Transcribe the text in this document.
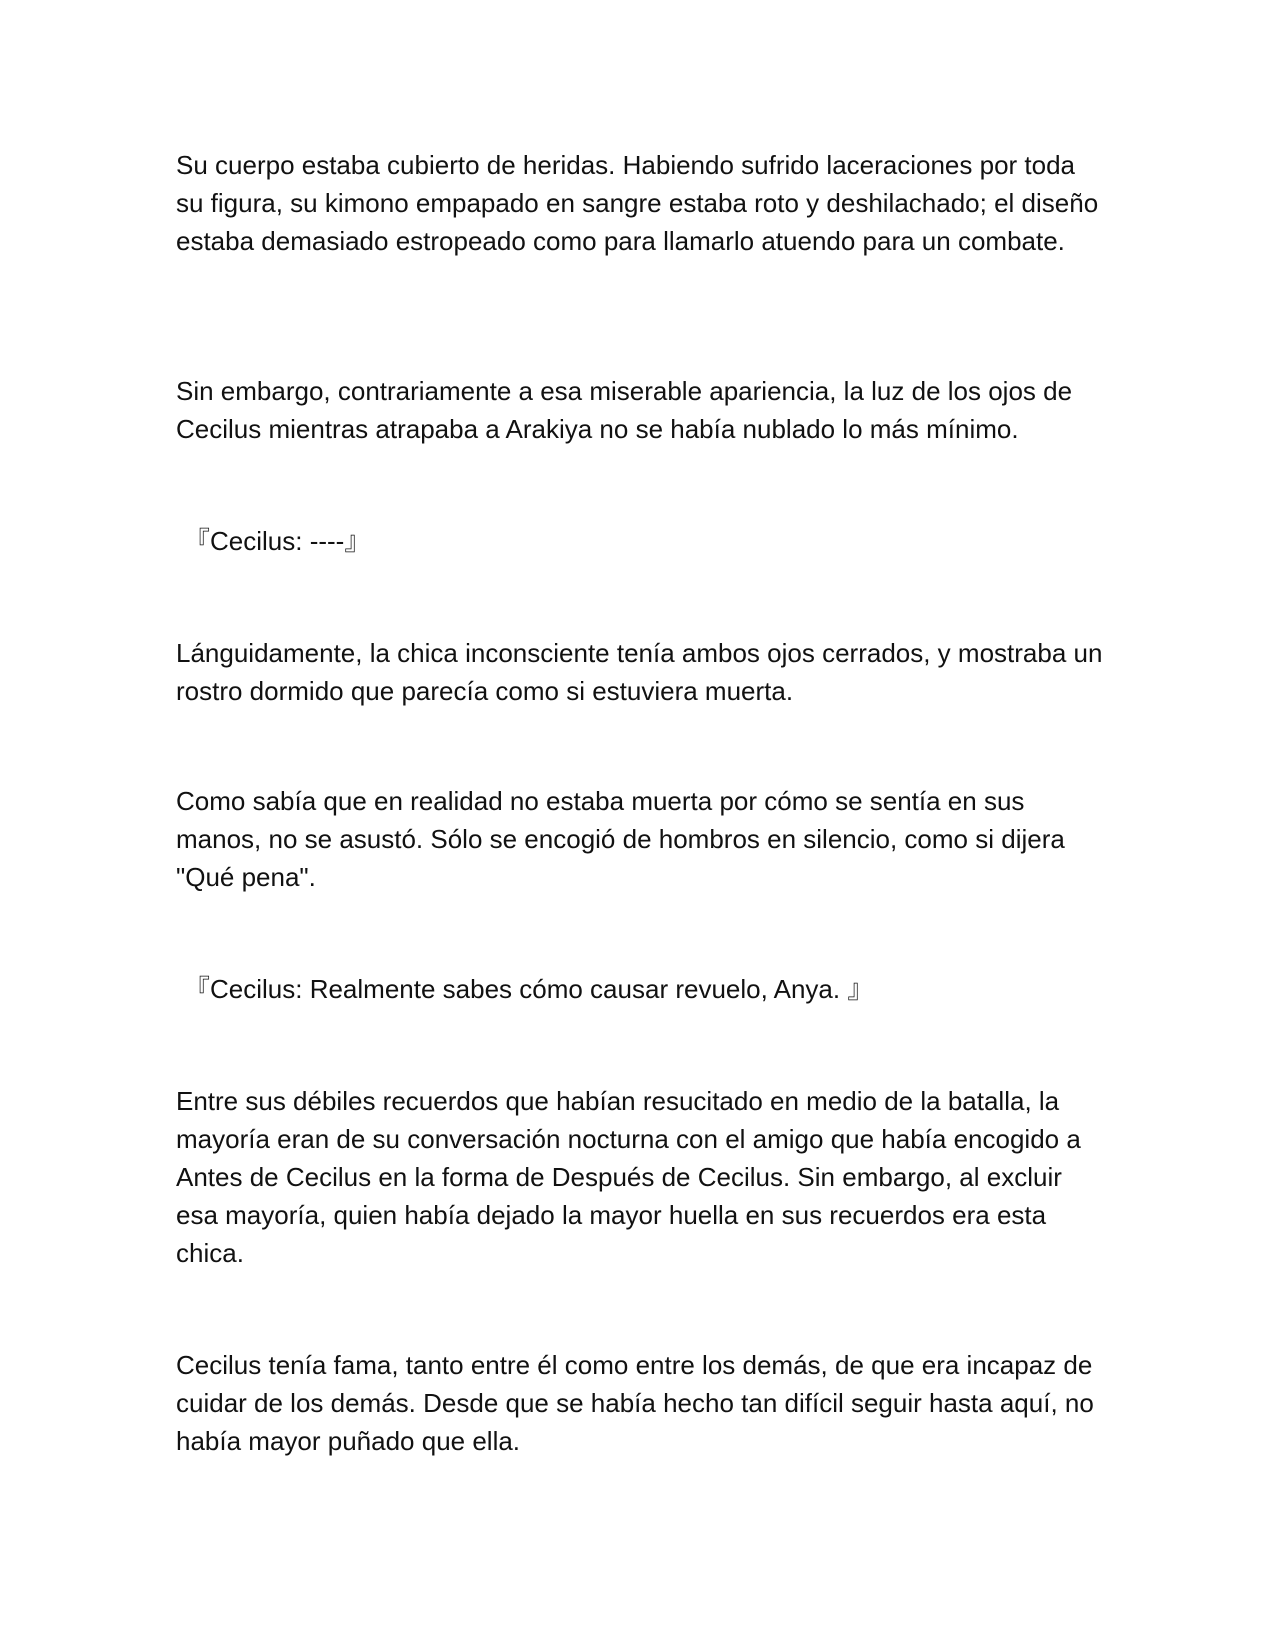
Su cuerpo estaba cubierto de heridas. Habiendo sufrido laceraciones por toda su figura, su kimono empapado en sangre estaba roto y deshilachado; el diseño estaba demasiado estropeado como para llamarlo atuendo para un combate.

Sin embargo, contrariamente a esa miserable apariencia, la luz de los ojos de Cecilus mientras atrapaba a Arakiya no se había nublado lo más mínimo.

『Cecilus: ----』

Lánguidamente, la chica inconsciente tenía ambos ojos cerrados, y mostraba un rostro dormido que parecía como si estuviera muerta.

Como sabía que en realidad no estaba muerta por cómo se sentía en sus manos, no se asustó. Sólo se encogió de hombros en silencio, como si dijera "Qué pena".

『Cecilus: Realmente sabes cómo causar revuelo, Anya. 』

Entre sus débiles recuerdos que habían resucitado en medio de la batalla, la mayoría eran de su conversación nocturna con el amigo que había encogido a Antes de Cecilus en la forma de Después de Cecilus. Sin embargo, al excluir esa mayoría, quien había dejado la mayor huella en sus recuerdos era esta chica.

Cecilus tenía fama, tanto entre él como entre los demás, de que era incapaz de cuidar de los demás. Desde que se había hecho tan difícil seguir hasta aquí, no había mayor puñado que ella.
